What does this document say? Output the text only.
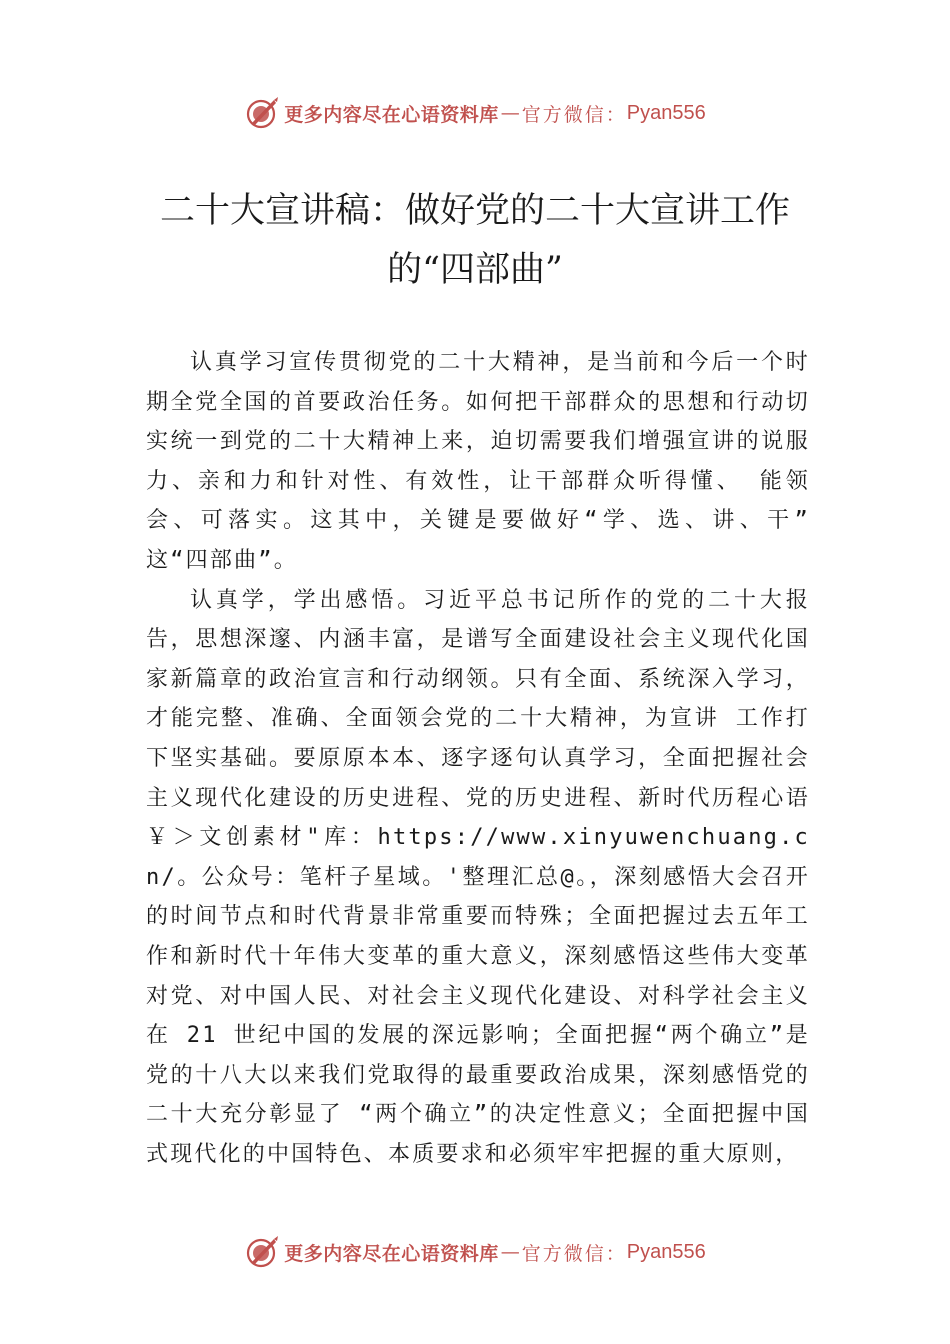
更多内容尽在心语资料库 — 官方微信： Pyan556
二十大宣讲稿：做好党的二十大宣讲工作
的“四部曲”

认真学习宣传贯彻党的二十大精神，是当前和今后一个时期全党全国的首要政治任务。如何把干部群众的思想和行动切实统一到党的二十大精神上来，迫切需要我们增强宣讲的说服力、亲和力和针对性、有效性，让干部群众听得懂、 能领会、可落实。这其中，关键是要做好“学、选、讲、干” 这“四部曲”。

认真学，学出感悟。习近平总书记所作的党的二十大报告，思想深邃、内涵丰富，是谱写全面建设社会主义现代化国家新篇章的政治宣言和行动纲领。只有全面、系统深入学习，才能完整、准确、全面领会党的二十大精神，为宣讲 工作打下坚实基础。要原原本本、逐字逐句认真学习，全面把握社会主义现代化建设的历史进程、党的历史进程、新时代历程心语￥＞文创素材"库：https://www.xinyuwenchuang.cn/。公众号：笔杆子星域。'整理汇总@。，深刻感悟大会召开的时间节点和时代背景非常重要而特殊；全面把握过去五年工作和新时代十年伟大变革的重大意义，深刻感悟这些伟大变革对党、对中国人民、对社会主义现代化建设、对科学社会主义在 21 世纪中国的发展的深远影响；全面把握“两个确立”是党的十八大以来我们党取得的最重要政治成果，深刻感悟党的二十大充分彰显了 “两个确立”的决定性意义；全面把握中国式现代化的中国特色、本质要求和必须牢牢把握的重大原则，

更多内容尽在心语资料库 — 官方微信： Pyan556
